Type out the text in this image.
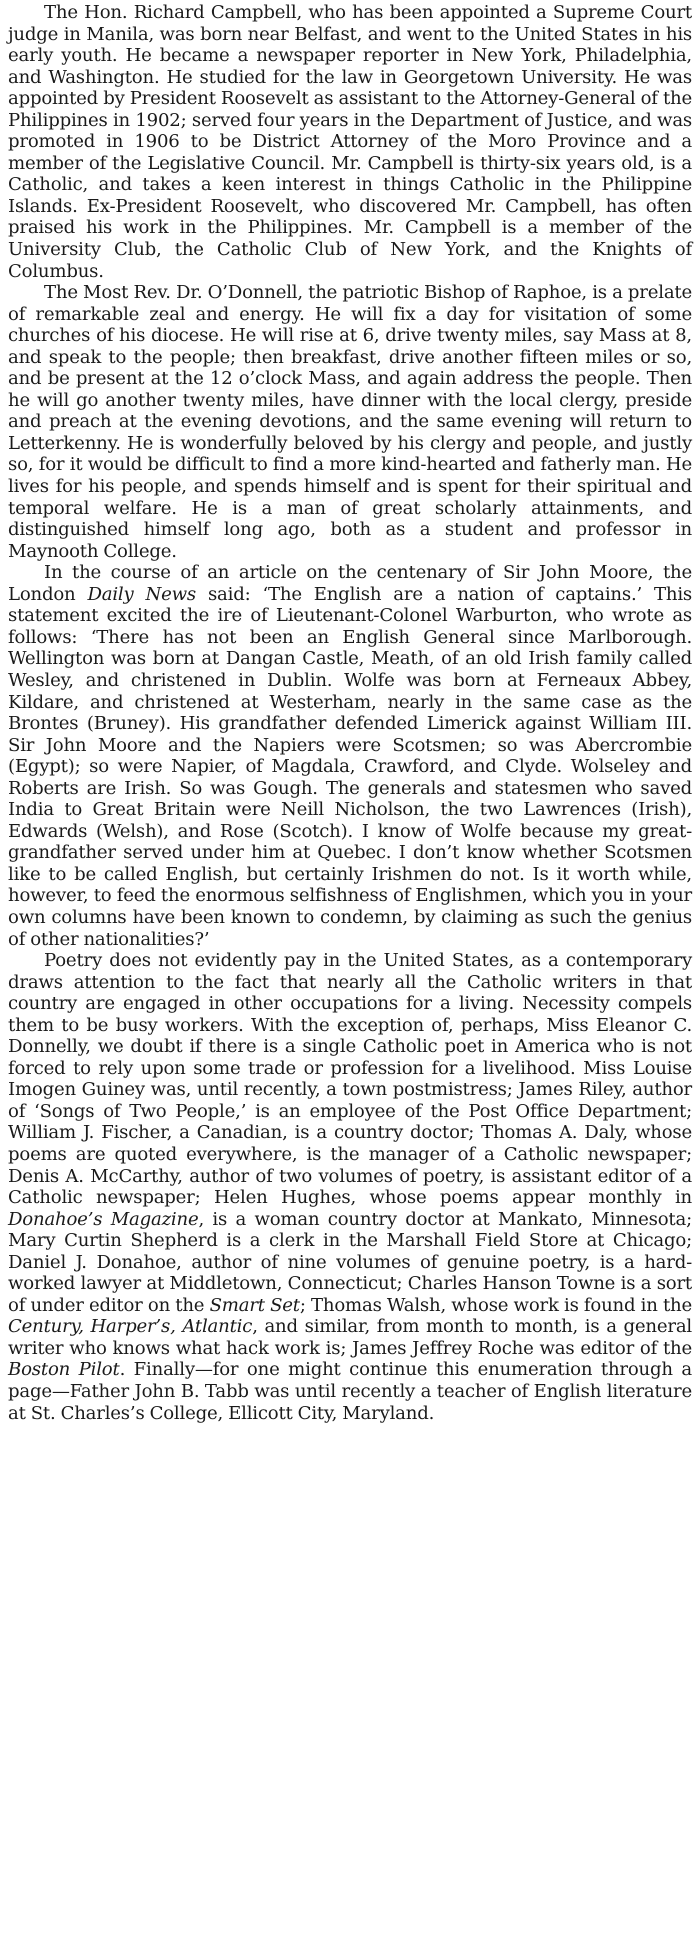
The Hon. Richard Campbell, who has been appointed a Supreme Court judge in Manila, was born near Belfast, and went to the United States in his early youth. He became a newspaper reporter in New York, Philadelphia, and Washington. He studied for the law in Georgetown University. He was appointed by President Roosevelt as assistant to the Attorney-General of the Philippines in 1902; served four years in the Department of Justice, and was promoted in 1906 to be District Attorney of the Moro Province and a member of the Legislative Council. Mr. Campbell is thirty-six years old, is a Catholic, and takes a keen interest in things Catholic in the Philippine Islands. Ex-President Roosevelt, who discovered Mr. Campbell, has often praised his work in the Philippines. Mr. Campbell is a member of the University Club, the Catholic Club of New York, and the Knights of Columbus.

The Most Rev. Dr. O’Donnell, the patriotic Bishop of Raphoe, is a prelate of remarkable zeal and energy. He will fix a day for visitation of some churches of his diocese. He will rise at 6, drive twenty miles, say Mass at 8, and speak to the people; then breakfast, drive another fifteen miles or so, and be present at the 12 o’clock Mass, and again address the people. Then he will go another twenty miles, have dinner with the local clergy, preside and preach at the evening devotions, and the same evening will return to Letterkenny. He is wonderfully beloved by his clergy and people, and justly so, for it would be difficult to find a more kind-hearted and fatherly man. He lives for his people, and spends himself and is spent for their spiritual and temporal welfare. He is a man of great scholarly attainments, and distinguished himself long ago, both as a student and professor in Maynooth College.

In the course of an article on the centenary of Sir John Moore, the London Daily News said: ‘The English are a nation of captains.’ This statement excited the ire of Lieutenant-Colonel Warburton, who wrote as follows: ‘There has not been an English General since Marlborough. Wellington was born at Dangan Castle, Meath, of an old Irish family called Wesley, and christened in Dublin. Wolfe was born at Ferneaux Abbey, Kildare, and christened at Westerham, nearly in the same case as the Brontes (Bruney). His grandfather defended Limerick against William III. Sir John Moore and the Napiers were Scotsmen; so was Abercrombie (Egypt); so were Napier, of Magdala, Crawford, and Clyde. Wolseley and Roberts are Irish. So was Gough. The generals and statesmen who saved India to Great Britain were Neill Nicholson, the two Lawrences (Irish), Edwards (Welsh), and Rose (Scotch). I know of Wolfe because my great-grandfather served under him at Quebec. I don’t know whether Scotsmen like to be called English, but certainly Irishmen do not. Is it worth while, however, to feed the enormous selfishness of Englishmen, which you in your own columns have been known to condemn, by claiming as such the genius of other nationalities?’

Poetry does not evidently pay in the United States, as a contemporary draws attention to the fact that nearly all the Catholic writers in that country are engaged in other occupations for a living. Necessity compels them to be busy workers. With the exception of, perhaps, Miss Eleanor C. Donnelly, we doubt if there is a single Catholic poet in America who is not forced to rely upon some trade or profession for a livelihood. Miss Louise Imogen Guiney was, until recently, a town postmistress; James Riley, author of ‘Songs of Two People,’ is an employee of the Post Office Department; William J. Fischer, a Canadian, is a country doctor; Thomas A. Daly, whose poems are quoted everywhere, is the manager of a Catholic newspaper; Denis A. McCarthy, author of two volumes of poetry, is assistant editor of a Catholic newspaper; Helen Hughes, whose poems appear monthly in Donahoe’s Magazine, is a woman country doctor at Mankato, Minnesota; Mary Curtin Shepherd is a clerk in the Marshall Field Store at Chicago; Daniel J. Donahoe, author of nine volumes of genuine poetry, is a hard-worked lawyer at Middletown, Connecticut; Charles Hanson Towne is a sort of under editor on the Smart Set; Thomas Walsh, whose work is found in the Century, Harper’s, Atlantic, and similar, from month to month, is a general writer who knows what hack work is; James Jeffrey Roche was editor of the Boston Pilot. Finally—for one might continue this enumeration through a page—Father John B. Tabb was until recently a teacher of English literature at St. Charles’s College, Ellicott City, Maryland.
